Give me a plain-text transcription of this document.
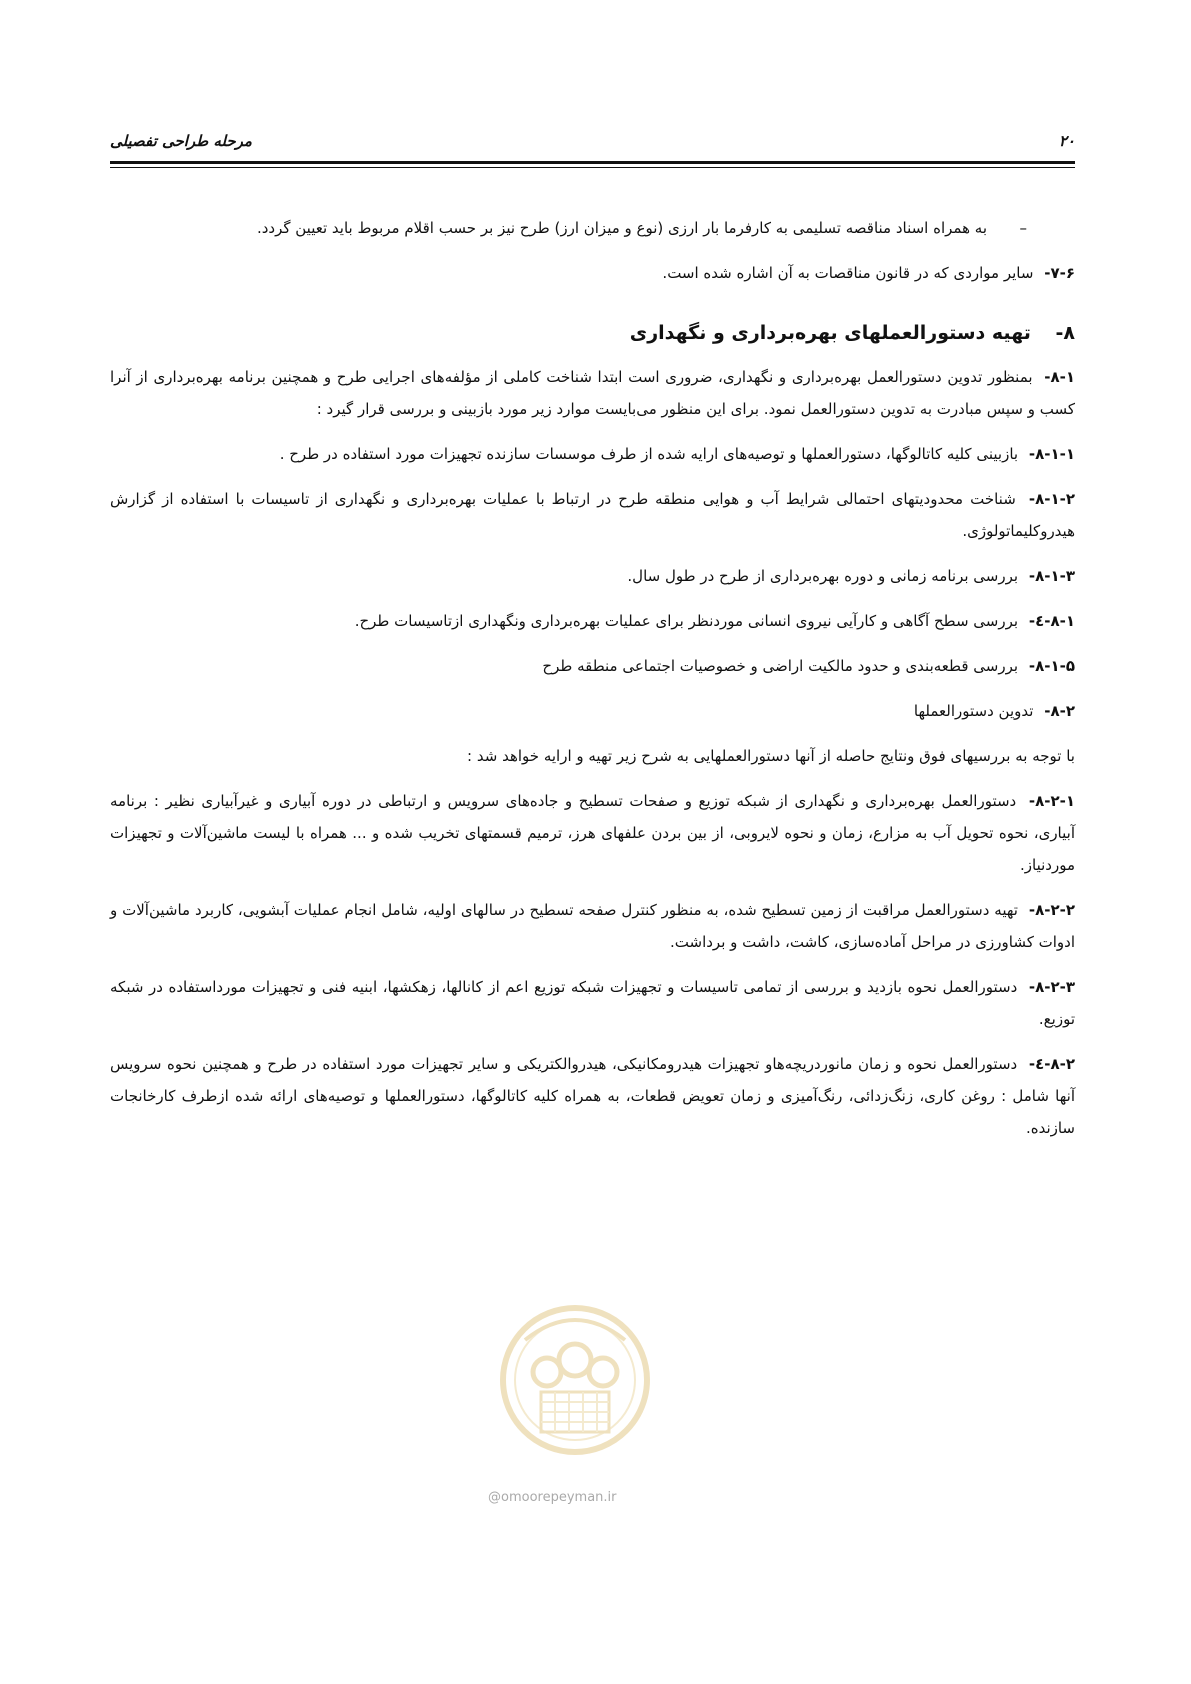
۲۰
مرحله طراحی تفصیلی

–
به همراه اسناد مناقصه تسلیمی به کارفرما بار ارزی (نوع و میزان ارز) طرح نیز بر حسب اقلام مربوط باید تعیین گردد.

۷-۶- سایر مواردی که در قانون مناقصات به آن اشاره شده است.

۸- تهیه دستورالعملهای بهره‌برداری و نگهداری

۸-۱- بمنظور تدوین دستورالعمل بهره‌برداری و نگهداری، ضروری است ابتدا شناخت کاملی از مؤلفه‌های اجرایی طرح و همچنین برنامه بهره‌برداری از آنرا کسب و سپس مبادرت به تدوین دستورالعمل نمود. برای این منظور می‌بایست موارد زیر مورد بازبینی و بررسی قرار گیرد :

۸-۱-۱- بازبینی کلیه کاتالوگها، دستورالعملها و توصیه‌های ارایه شده از طرف موسسات سازنده تجهیزات مورد استفاده در طرح .

۸-۱-۲- شناخت محدودیتهای احتمالی شرایط آب و هوایی منطقه طرح در ارتباط با عملیات بهره‌برداری و نگهداری از تاسیسات با استفاده از گزارش هیدروکلیماتولوژی.

۸-۱-۳- بررسی برنامه زمانی و دوره بهره‌برداری از طرح در طول سال.

۸-۱-٤- بررسی سطح آگاهی و کارآیی نیروی انسانی موردنظر برای عملیات بهره‌برداری ونگهداری ازتاسیسات طرح.

۸-۱-۵- بررسی قطعه‌بندی و حدود مالکیت اراضی و خصوصیات اجتماعی منطقه طرح

۸-۲- تدوین دستورالعملها

با توجه به بررسیهای فوق ونتایج حاصله از آنها دستورالعملهایی به شرح زیر تهیه و ارایه خواهد شد :

۸-۲-۱- دستورالعمل بهره‌برداری و نگهداری از شبکه توزیع و صفحات تسطیح و جاده‌های سرویس و ارتباطی در دوره آبیاری و غیرآبیاری نظیر : برنامه آبیاری، نحوه تحویل آب به مزارع، زمان و نحوه لایروبی، از بین بردن علفهای هرز، ترمیم قسمتهای تخریب شده و ... همراه با لیست ماشین‌آلات و تجهیزات موردنیاز.

۸-۲-۲- تهیه دستورالعمل مراقبت از زمین تسطیح شده، به منظور کنترل صفحه تسطیح در سالهای اولیه، شامل انجام عملیات آبشویی، کاربرد ماشین‌آلات و ادوات کشاورزی در مراحل آماده‌سازی، کاشت، داشت و برداشت.

۸-۲-۳- دستورالعمل نحوه بازدید و بررسی از تمامی تاسیسات و تجهیزات شبکه توزیع اعم از کانالها، زهکشها، ابنیه فنی و تجهیزات مورداستفاده در شبکه توزیع.

۸-۲-٤- دستورالعمل نحوه و زمان مانوردریچه‌هاو تجهیزات هیدرومکانیکی، هیدروالکتریکی و سایر تجهیزات مورد استفاده در طرح و همچنین نحوه سرویس آنها شامل : روغن کاری، زنگ‌زدائی، رنگ‌آمیزی و زمان تعویض قطعات، به همراه کلیه کاتالوگها، دستورالعملها و توصیه‌های ارائه شده ازطرف کارخانجات سازنده.

@omoorepeyman.ir
